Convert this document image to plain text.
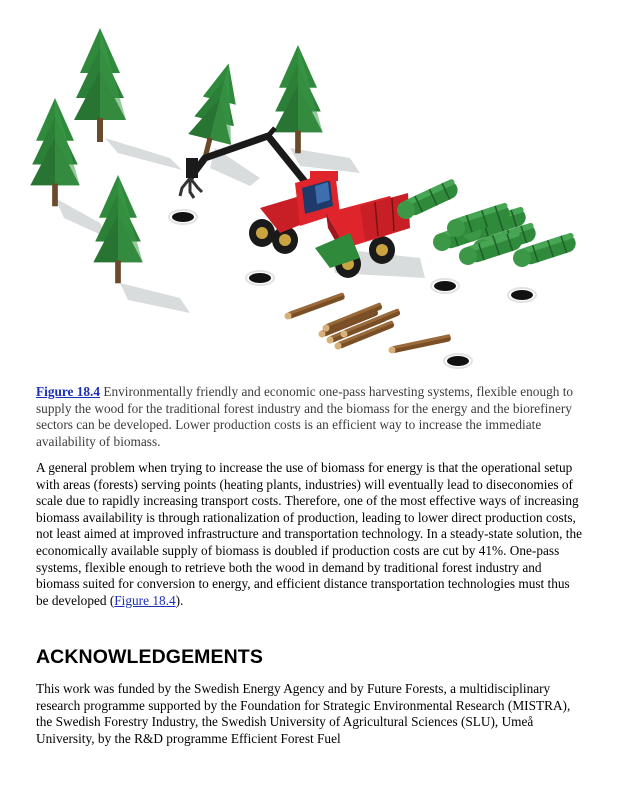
Figure 18.4 Environmentally friendly and economic one-pass harvesting systems, flexible enough to supply the wood for the traditional forest industry and the biomass for the energy and the biorefinery sectors can be developed. Lower production costs is an efficient way to increase the immediate availability of biomass.

A general problem when trying to increase the use of biomass for energy is that the operational setup with areas (forests) serving points (heating plants, industries) will eventually lead to diseconomies of scale due to rapidly increasing transport costs. Therefore, one of the most effective ways of increasing biomass availability is through rationalization of production, leading to lower direct production costs, not least aimed at improved infrastructure and transportation technology. In a steady-state solution, the economically available supply of biomass is doubled if production costs are cut by 41%. One-pass systems, flexible enough to retrieve both the wood in demand by traditional forest industry and biomass suited for conversion to energy, and efficient distance transportation technologies must thus be developed (Figure 18.4).

ACKNOWLEDGEMENTS

This work was funded by the Swedish Energy Agency and by Future Forests, a multidisciplinary research programme supported by the Foundation for Strategic Environmental Research (MISTRA), the Swedish Forestry Industry, the Swedish University of Agricultural Sciences (SLU), Umeå University, by the R&D programme Efficient Forest Fuel
